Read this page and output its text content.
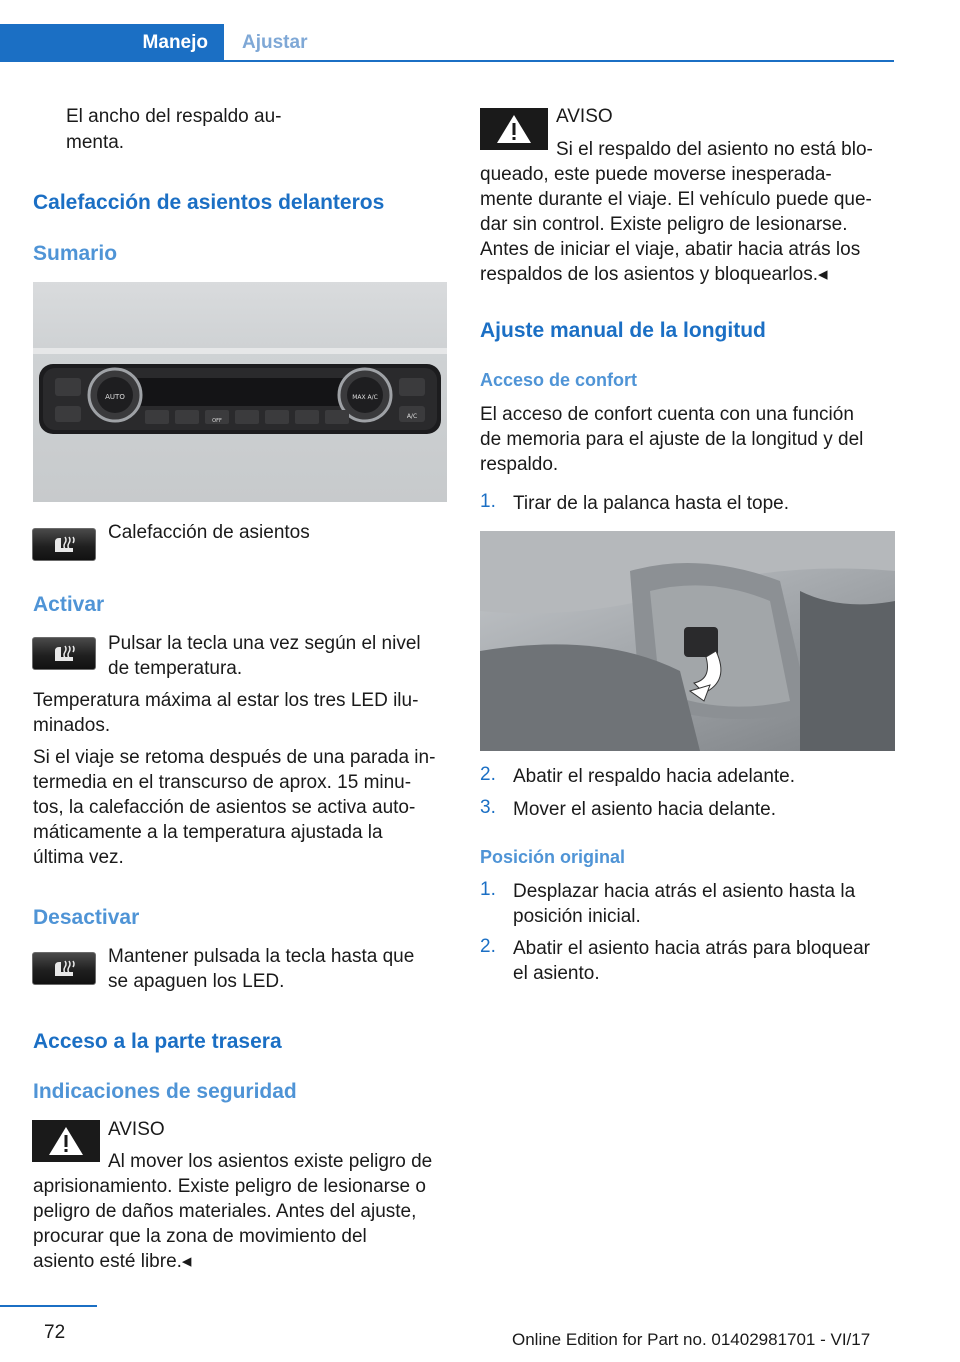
Manejo	Ajustar
El ancho del respaldo au‐
menta.
Calefacción de asientos delanteros
Sumario
AUTO	MAX A/C
A/C
OFF
Calefacción de asientos
Activar
Pulsar la tecla una vez según el nivel
de temperatura.
Temperatura máxima al estar los tres LED ilu‐
minados.
Si el viaje se retoma después de una parada in‐
termedia en el transcurso de aprox. 15 minu‐
tos, la calefacción de asientos se activa auto‐
máticamente a la temperatura ajustada la
última vez.
Desactivar
Mantener pulsada la tecla hasta que
se apaguen los LED.
Acceso a la parte trasera
Indicaciones de seguridad
AVISO
Al mover los asientos existe peligro de
aprisionamiento. Existe peligro de lesionarse o
peligro de daños materiales. Antes del ajuste,
procurar que la zona de movimiento del
asiento esté libre.◂
AVISO
Si el respaldo del asiento no está blo‐
queado, este puede moverse inesperada‐
mente durante el viaje. El vehículo puede que‐
dar sin control. Existe peligro de lesionarse.
Antes de iniciar el viaje, abatir hacia atrás los
respaldos de los asientos y bloquearlos.◂
Ajuste manual de la longitud
Acceso de confort
El acceso de confort cuenta con una función
de memoria para el ajuste de la longitud y del
respaldo.
1. Tirar de la palanca hasta el tope.
2. Abatir el respaldo hacia adelante.
3. Mover el asiento hacia delante.
Posición original
1. Desplazar hacia atrás el asiento hasta la
posición inicial.
2. Abatir el asiento hacia atrás para bloquear
el asiento.
72	Online Edition for Part no. 01402981701 - VI/17
